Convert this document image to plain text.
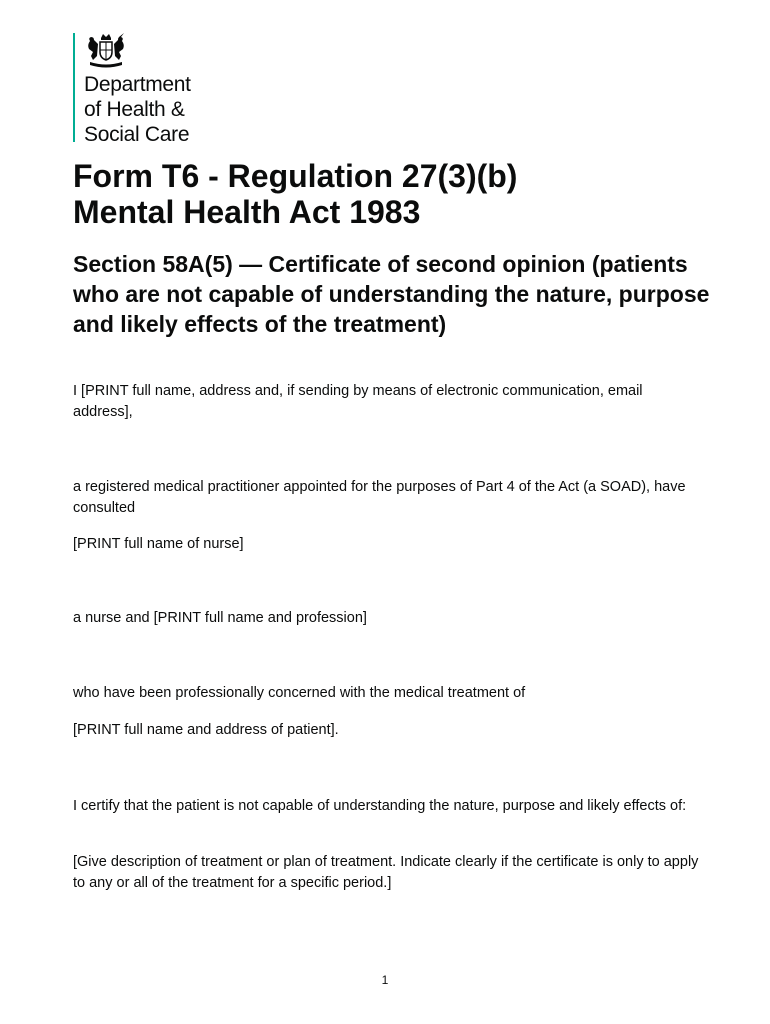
Department
of Health &
Social Care
Form T6 - Regulation 27(3)(b)
Mental Health Act 1983
Section 58A(5) — Certificate of second opinion (patients who are not capable of understanding the nature, purpose and likely effects of the treatment)

I [PRINT full name, address and, if sending by means of electronic communication, email address],

a registered medical practitioner appointed for the purposes of Part 4 of the Act (a SOAD), have consulted

[PRINT full name of nurse]

a nurse and [PRINT full name and profession]

who have been professionally concerned with the medical treatment of

[PRINT full name and address of patient].

I certify that the patient is not capable of understanding the nature, purpose and likely effects of:

[Give description of treatment or plan of treatment. Indicate clearly if the certificate is only to apply to any or all of the treatment for a specific period.]

1
